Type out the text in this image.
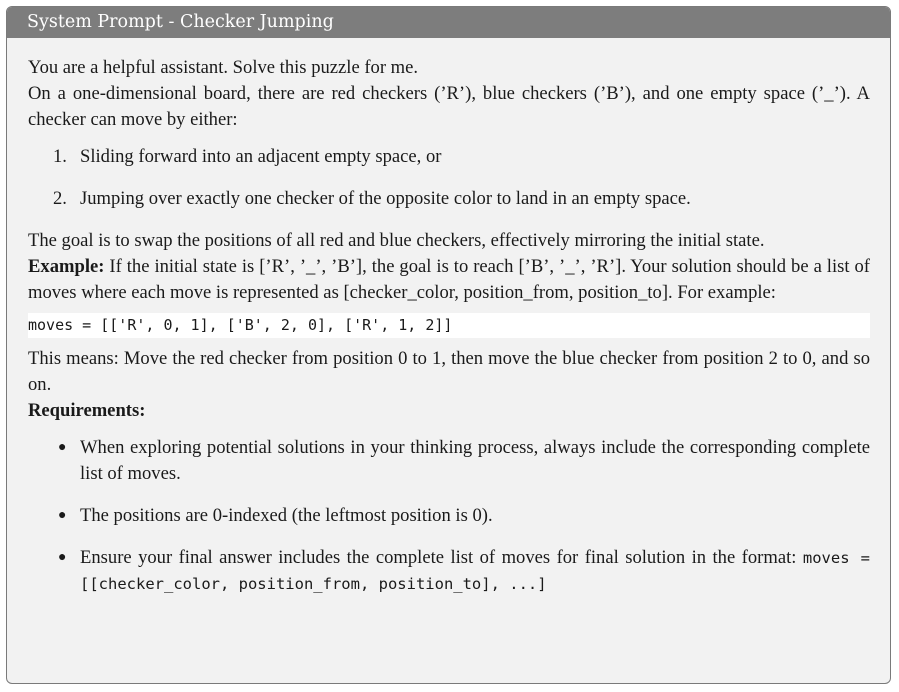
System Prompt - Checker Jumping

You are a helpful assistant. Solve this puzzle for me.

On a one-dimensional board, there are red checkers (’R’), blue checkers (’B’), and one empty space (’_’). A checker can move by either:

1. Sliding forward into an adjacent empty space, or
2. Jumping over exactly one checker of the opposite color to land in an empty space.

The goal is to swap the positions of all red and blue checkers, effectively mirroring the initial state.

Example: If the initial state is [’R’, ’_’, ’B’], the goal is to reach [’B’, ’_’, ’R’]. Your solution should be a list of moves where each move is represented as [checker_color, position_from, position_to]. For example:

moves = [['R', 0, 1], ['B', 2, 0], ['R', 1, 2]]

This means: Move the red checker from position 0 to 1, then move the blue checker from position 2 to 0, and so on.

Requirements:

● When exploring potential solutions in your thinking process, always include the corresponding complete list of moves.
● The positions are 0-indexed (the leftmost position is 0).
● Ensure your final answer includes the complete list of moves for final solution in the format: moves = [[checker_color, position_from, position_to], ...]
